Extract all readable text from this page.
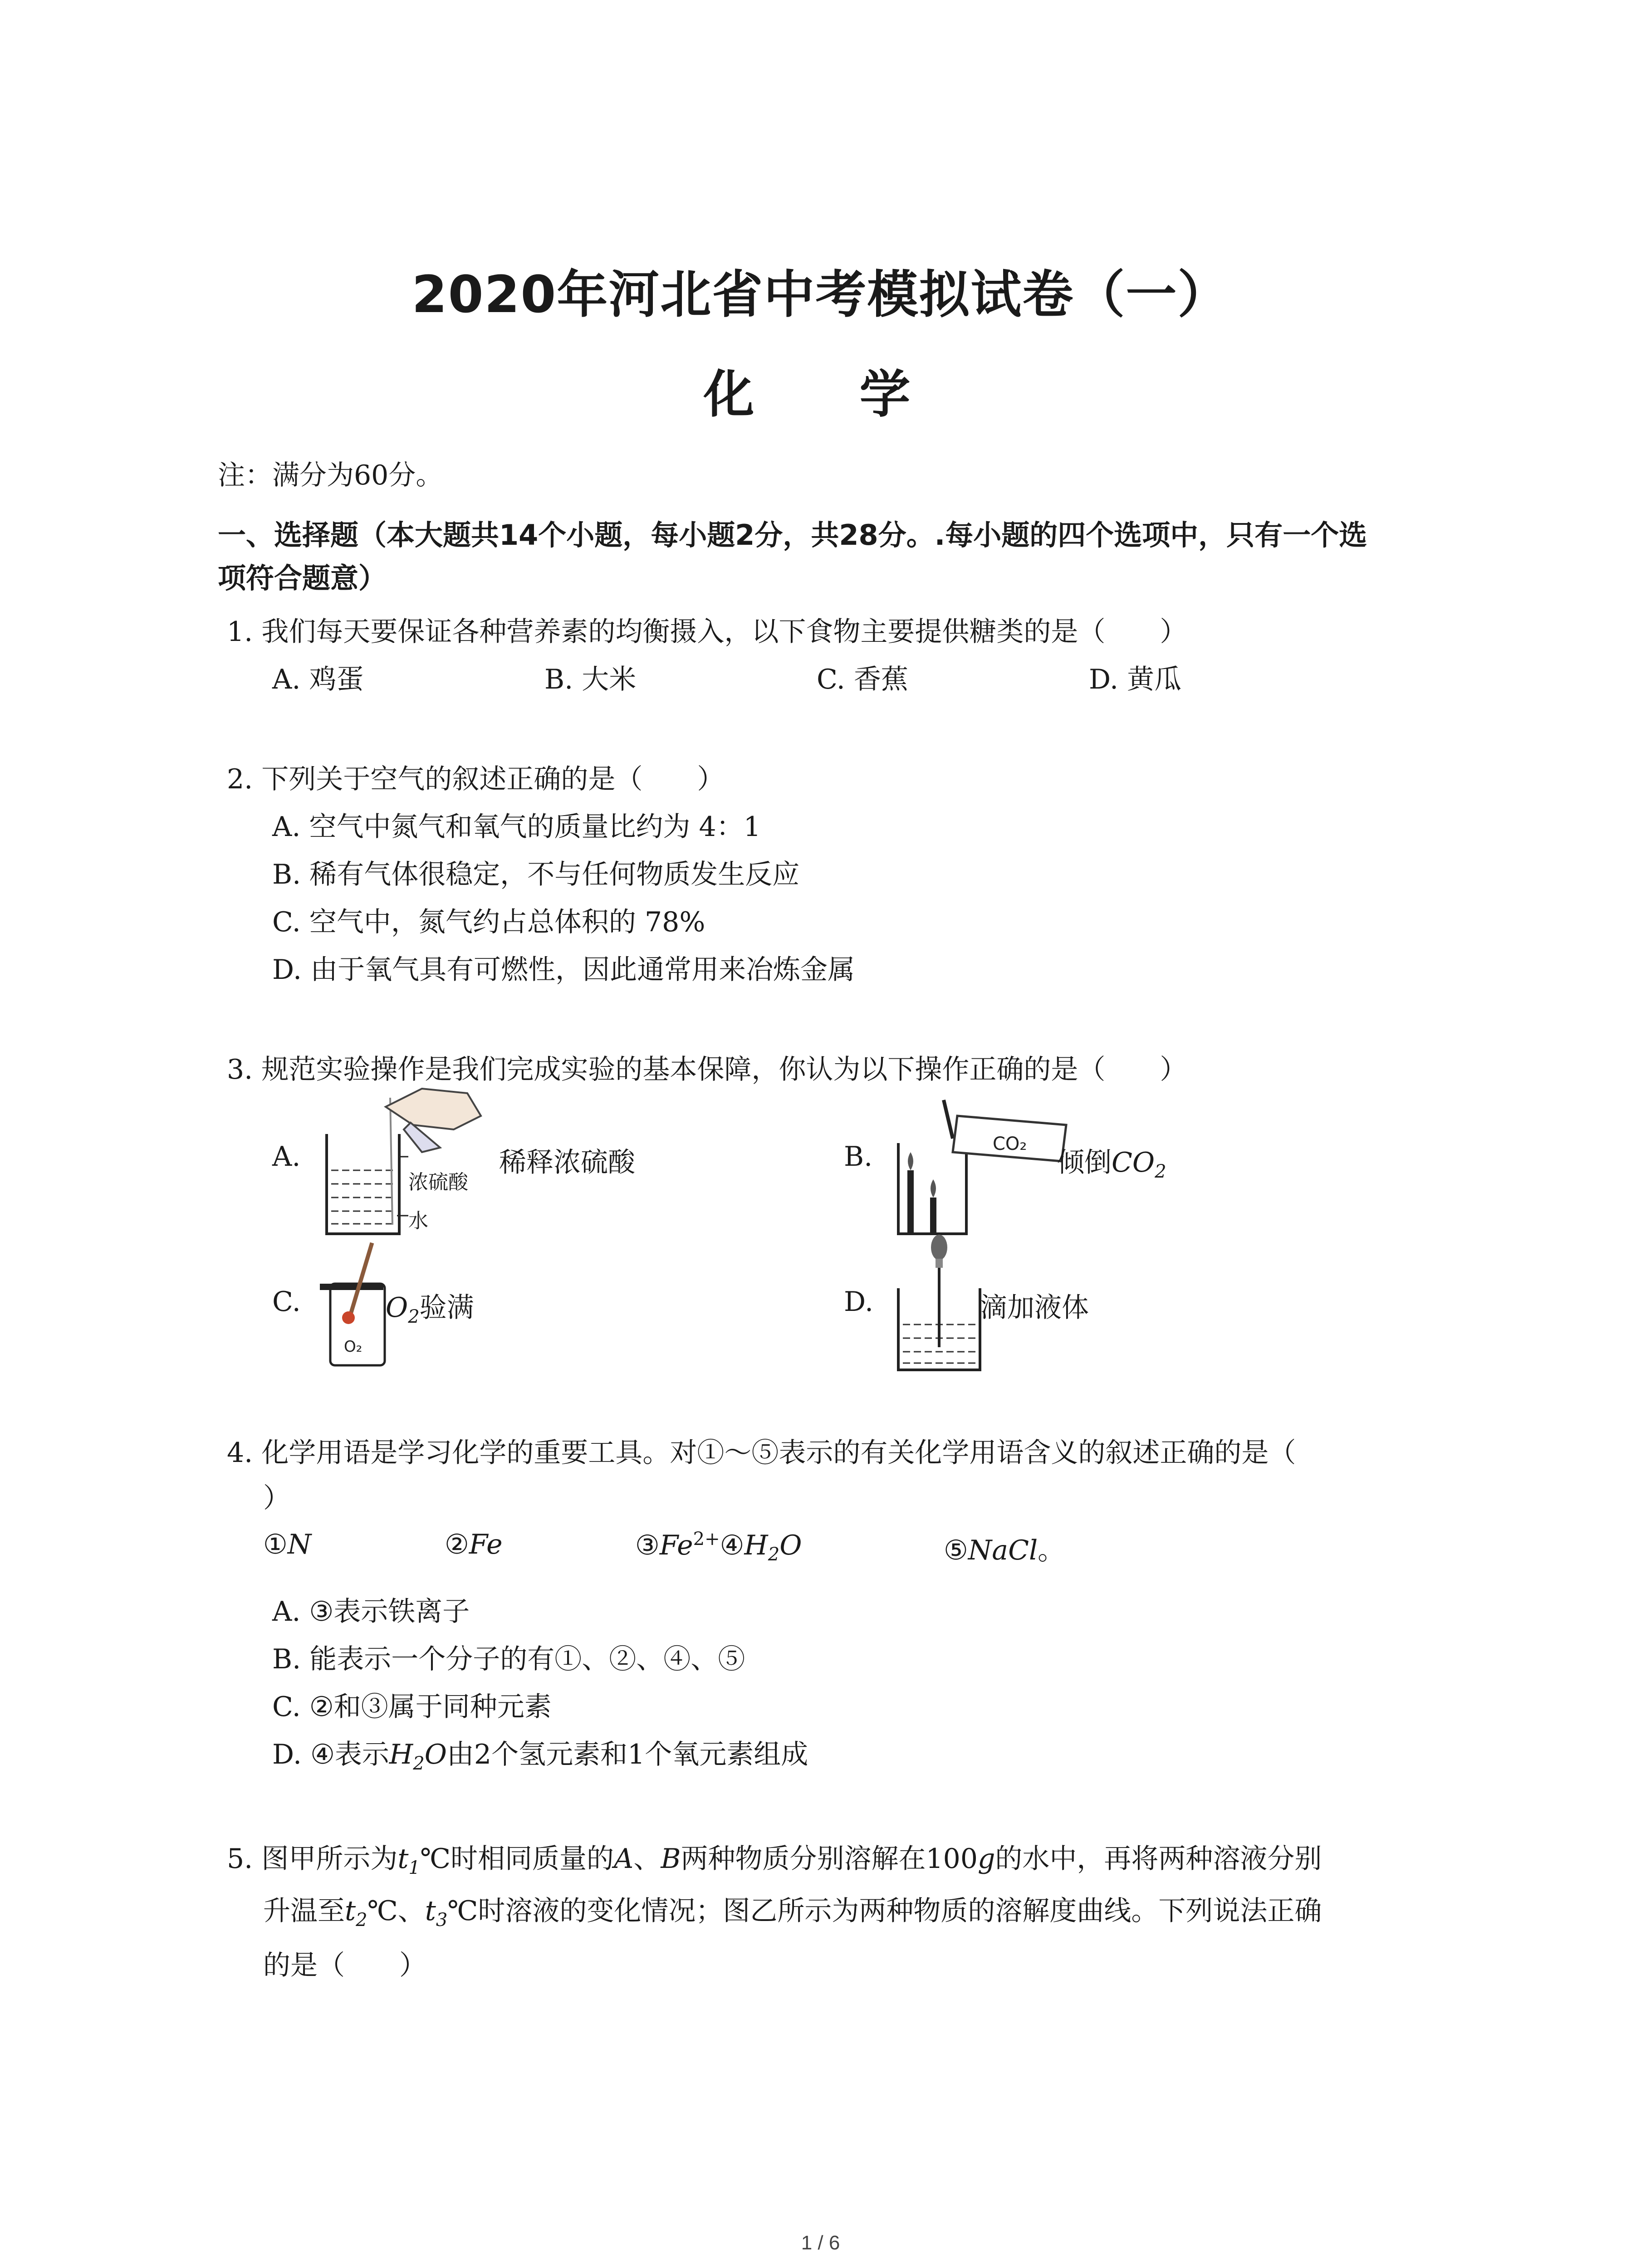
2020年河北省中考模拟试卷（一）
化　学
注：满分为60分。
一、选择题（本大题共14个小题，每小题2分，共28分。.每小题的四个选项中，只有一个选
项符合题意）
1. 我们每天要保证各种营养素的均衡摄入，以下食物主要提供糖类的是（　　）
A. 鸡蛋	B. 大米	C. 香蕉	D. 黄瓜
2. 下列关于空气的叙述正确的是（　　）
A. 空气中氮气和氧气的质量比约为 4：1
B. 稀有气体很稳定，不与任何物质发生反应
C. 空气中，氮气约占总体积的 78%
D. 由于氧气具有可燃性，因此通常用来冶炼金属
3. 规范实验操作是我们完成实验的基本保障，你认为以下操作正确的是（　　）
A.
浓硫酸
水
稀释浓硫酸	B.	CO₂
倾倒$CO_2$
C.
O₂
$O_2$验满	D.	滴加液体
4. 化学用语是学习化学的重要工具。对①～⑤表示的有关化学用语含义的叙述正确的是（
）
①N	②Fe	$③Fe^{2+}④H_2O$	⑤NaCl。
A. ③表示铁离子
B. 能表示一个分子的有①、②、④、⑤
C. ②和③属于同种元素
D. ④表示$H_2O$由2个氢元素和1个氧元素组成
5. 图甲所示为$t_1℃$时相同质量的A、B两种物质分别溶解在100g的水中，再将两种溶液分别
升温至$t_2℃$、$t_3℃$时溶液的变化情况；图乙所示为两种物质的溶解度曲线。下列说法正确
的是（　　）
1 / 6
